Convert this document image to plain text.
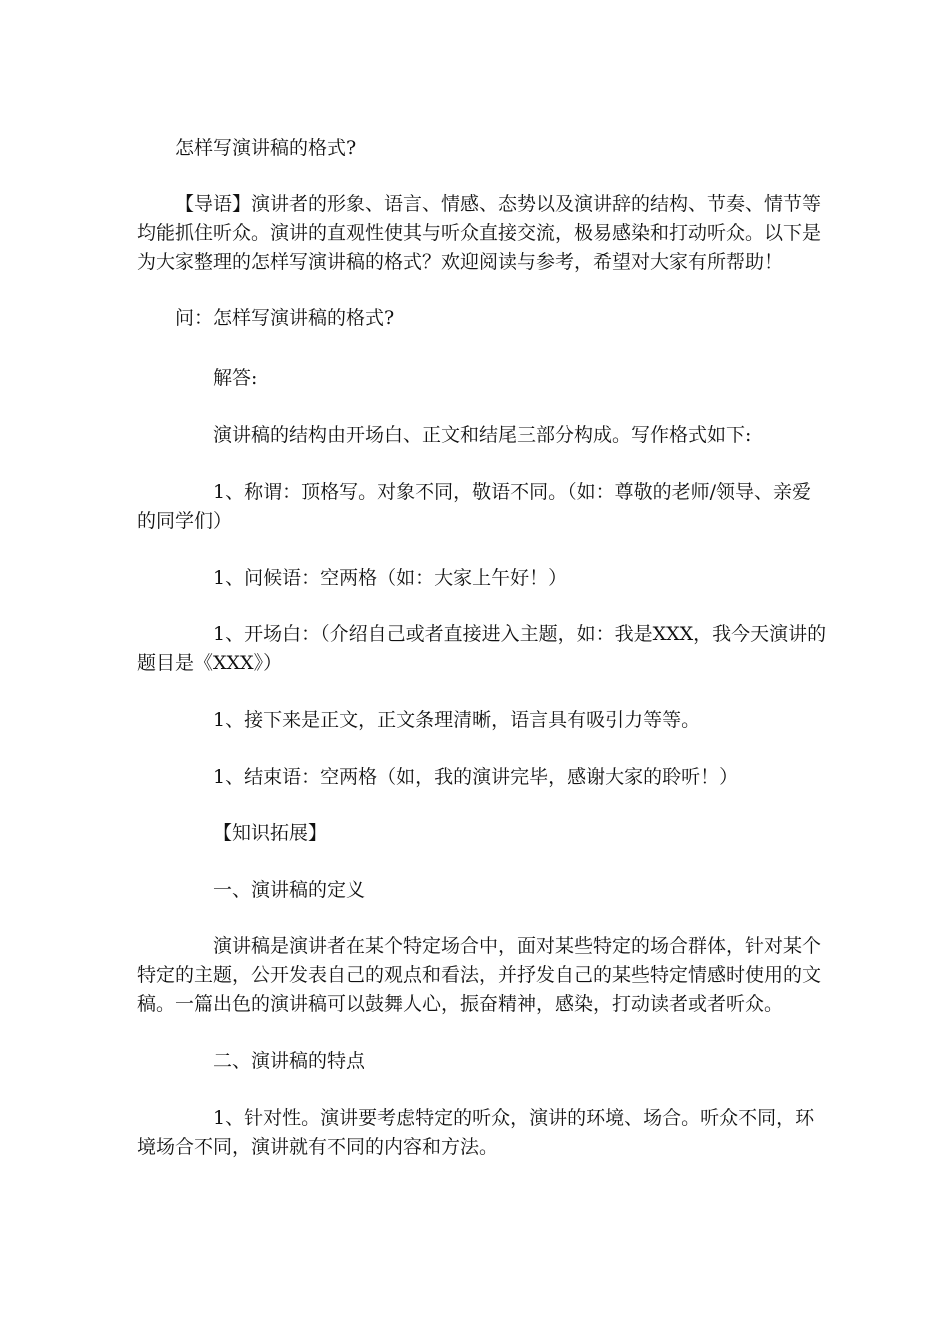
怎样写演讲稿的格式?

【导语】演讲者的形象、语言、情感、态势以及演讲辞的结构、节奏、情节等均能抓住听众。演讲的直观性使其与听众直接交流，极易感染和打动听众。以下是为大家整理的怎样写演讲稿的格式？欢迎阅读与参考，希望对大家有所帮助！

问：怎样写演讲稿的格式?

解答:

演讲稿的结构由开场白、正文和结尾三部分构成。写作格式如下:

1、称谓：顶格写。对象不同，敬语不同。（如：尊敬的老师/领导、亲爱的同学们）

1、问候语：空两格（如：大家上午好！）

1、开场白：（介绍自己或者直接进入主题，如：我是XXX，我今天演讲的题目是《XXX》）

1、接下来是正文，正文条理清晰，语言具有吸引力等等。

1、结束语：空两格（如，我的演讲完毕，感谢大家的聆听！）

【知识拓展】

一、演讲稿的定义

演讲稿是演讲者在某个特定场合中，面对某些特定的场合群体，针对某个特定的主题，公开发表自己的观点和看法，并抒发自己的某些特定情感时使用的文稿。一篇出色的演讲稿可以鼓舞人心，振奋精神，感染，打动读者或者听众。

二、演讲稿的特点

1、针对性。演讲要考虑特定的听众，演讲的环境、场合。听众不同，环境场合不同，演讲就有不同的内容和方法。
